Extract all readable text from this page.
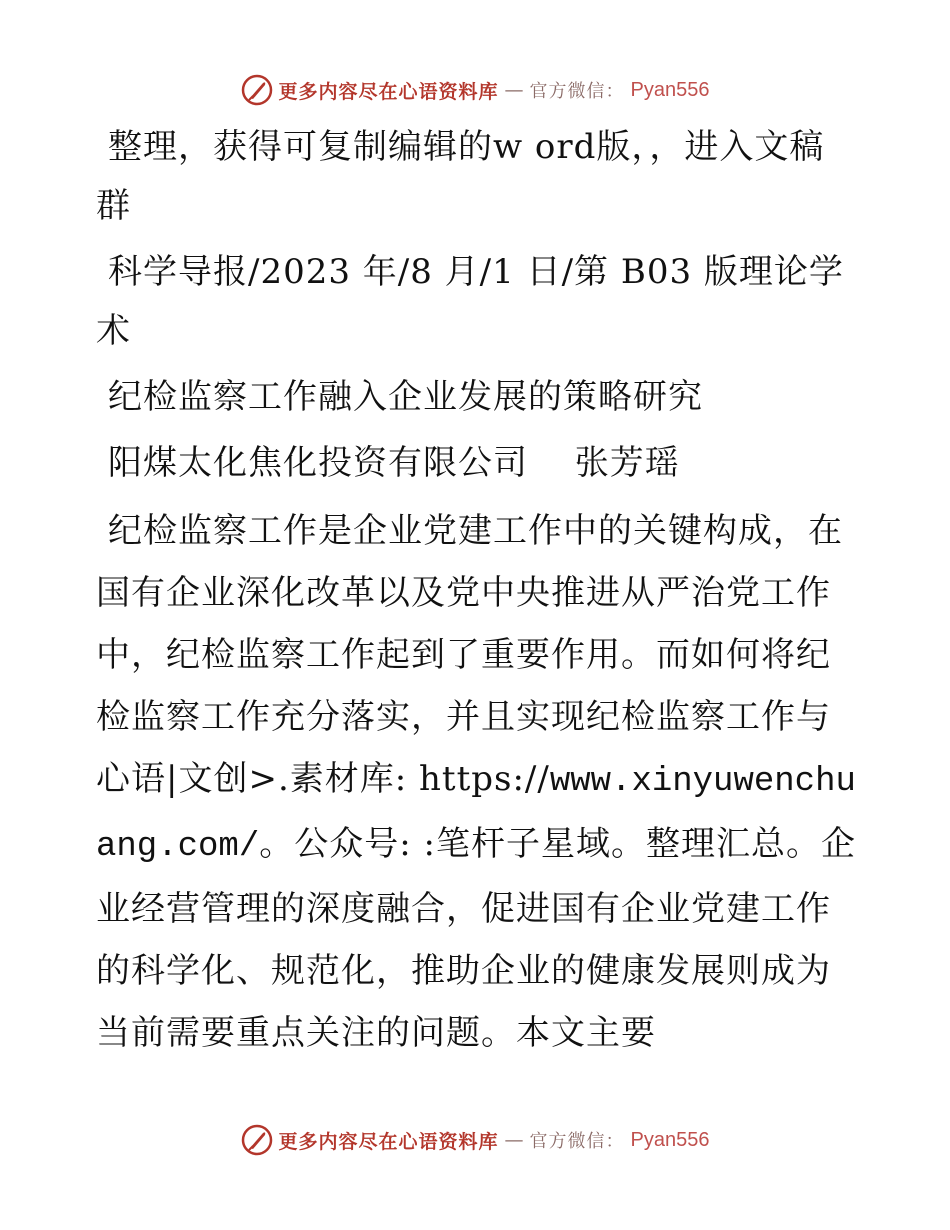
更多内容尽在心语资料库 — 官方微信： Pyan556

整理，获得可复制编辑的w ord版，，进入文稿群

科学导报/2023 年/8 月/1 日/第 B03 版理论学术

纪检监察工作融入企业发展的策略研究

阳煤太化焦化投资有限公司　 张芳瑶

纪检监察工作是企业党建工作中的关键构成，在国有企业深化改革以及党中央推进从严治党工作中，纪检监察工作起到了重要作用。而如何将纪检监察工作充分落实，并且实现纪检监察工作与心语|文创>.素材库: https://www.xinyuwenchuang.com/。公众号: :笔杆子星域。整理汇总。企业经营管理的深度融合，促进国有企业党建工作的科学化、规范化，推助企业的健康发展则成为当前需要重点关注的问题。本文主要

更多内容尽在心语资料库 — 官方微信： Pyan556
